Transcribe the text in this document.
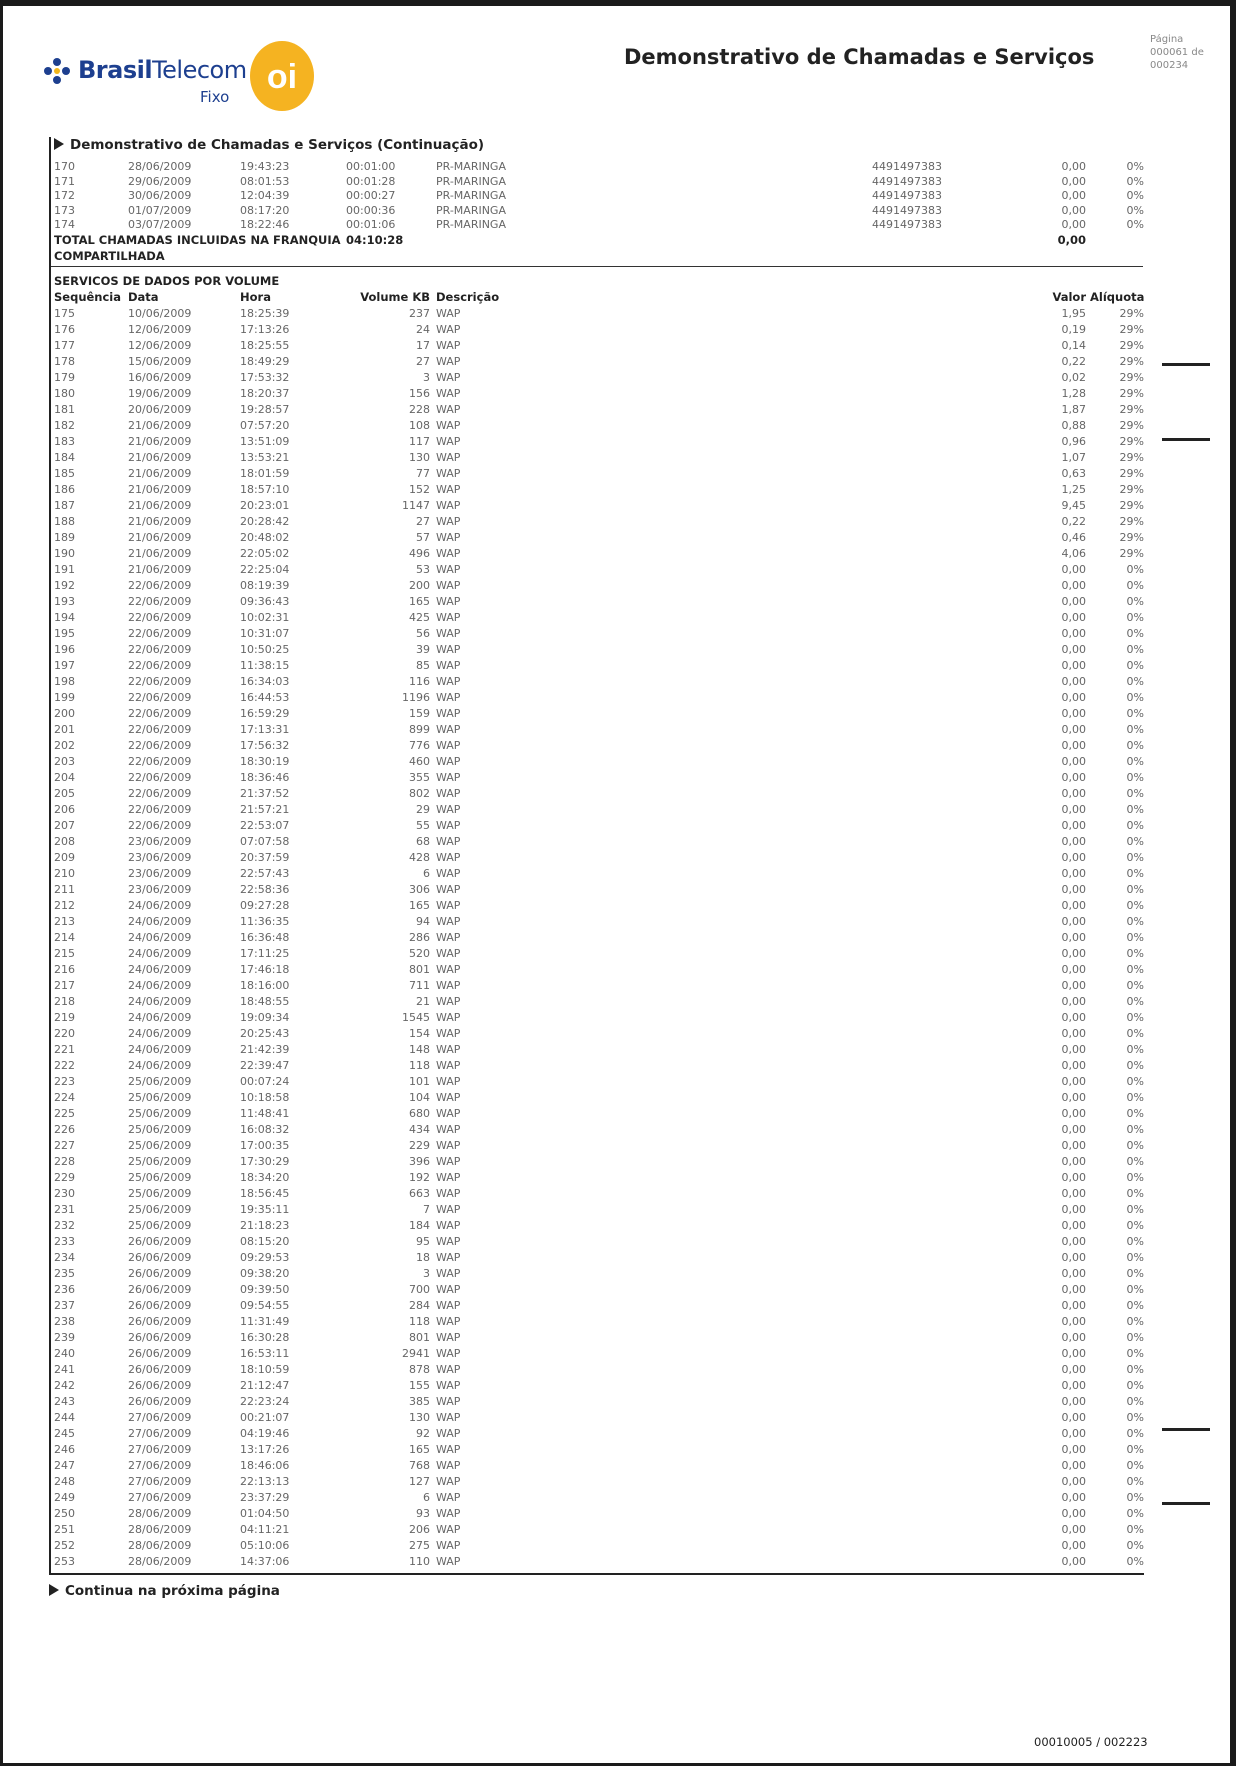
BrasilTelecom
Fixo
oi
Demonstrativo de Chamadas e Serviços
Página 000061 de 000234
Demonstrativo de Chamadas e Serviços (Continuação)
170	28/06/2009	19:43:23	00:01:00	PR-MARINGA	4491497383	0,00	0%
171	29/06/2009	08:01:53	00:01:28	PR-MARINGA	4491497383	0,00	0%
172	30/06/2009	12:04:39	00:00:27	PR-MARINGA	4491497383	0,00	0%
173	01/07/2009	08:17:20	00:00:36	PR-MARINGA	4491497383	0,00	0%
174	03/07/2009	18:22:46	00:01:06	PR-MARINGA	4491497383	0,00	0%
TOTAL CHAMADAS INCLUIDAS NA FRANQUIA
COMPARTILHADA
04:10:28	0,00
SERVICOS DE DADOS POR VOLUME
Sequência Data	Hora	Volume KB Descrição	Valor Alíquota
175	10/06/2009	18:25:39	237 WAP	1,95	29%
176	12/06/2009	17:13:26	24 WAP	0,19	29%
177	12/06/2009	18:25:55	17 WAP	0,14	29%
178	15/06/2009	18:49:29	27 WAP	0,22	29%
179	16/06/2009	17:53:32	3 WAP	0,02	29%
180	19/06/2009	18:20:37	156 WAP	1,28	29%
181	20/06/2009	19:28:57	228 WAP	1,87	29%
182	21/06/2009	07:57:20	108 WAP	0,88	29%
183	21/06/2009	13:51:09	117 WAP	0,96	29%
184	21/06/2009	13:53:21	130 WAP	1,07	29%
185	21/06/2009	18:01:59	77 WAP	0,63	29%
186	21/06/2009	18:57:10	152 WAP	1,25	29%
187	21/06/2009	20:23:01	1147 WAP	9,45	29%
188	21/06/2009	20:28:42	27 WAP	0,22	29%
189	21/06/2009	20:48:02	57 WAP	0,46	29%
190	21/06/2009	22:05:02	496 WAP	4,06	29%
191	21/06/2009	22:25:04	53 WAP	0,00	0%
192	22/06/2009	08:19:39	200 WAP	0,00	0%
193	22/06/2009	09:36:43	165 WAP	0,00	0%
194	22/06/2009	10:02:31	425 WAP	0,00	0%
195	22/06/2009	10:31:07	56 WAP	0,00	0%
196	22/06/2009	10:50:25	39 WAP	0,00	0%
197	22/06/2009	11:38:15	85 WAP	0,00	0%
198	22/06/2009	16:34:03	116 WAP	0,00	0%
199	22/06/2009	16:44:53	1196 WAP	0,00	0%
200	22/06/2009	16:59:29	159 WAP	0,00	0%
201	22/06/2009	17:13:31	899 WAP	0,00	0%
202	22/06/2009	17:56:32	776 WAP	0,00	0%
203	22/06/2009	18:30:19	460 WAP	0,00	0%
204	22/06/2009	18:36:46	355 WAP	0,00	0%
205	22/06/2009	21:37:52	802 WAP	0,00	0%
206	22/06/2009	21:57:21	29 WAP	0,00	0%
207	22/06/2009	22:53:07	55 WAP	0,00	0%
208	23/06/2009	07:07:58	68 WAP	0,00	0%
209	23/06/2009	20:37:59	428 WAP	0,00	0%
210	23/06/2009	22:57:43	6 WAP	0,00	0%
211	23/06/2009	22:58:36	306 WAP	0,00	0%
212	24/06/2009	09:27:28	165 WAP	0,00	0%
213	24/06/2009	11:36:35	94 WAP	0,00	0%
214	24/06/2009	16:36:48	286 WAP	0,00	0%
215	24/06/2009	17:11:25	520 WAP	0,00	0%
216	24/06/2009	17:46:18	801 WAP	0,00	0%
217	24/06/2009	18:16:00	711 WAP	0,00	0%
218	24/06/2009	18:48:55	21 WAP	0,00	0%
219	24/06/2009	19:09:34	1545 WAP	0,00	0%
220	24/06/2009	20:25:43	154 WAP	0,00	0%
221	24/06/2009	21:42:39	148 WAP	0,00	0%
222	24/06/2009	22:39:47	118 WAP	0,00	0%
223	25/06/2009	00:07:24	101 WAP	0,00	0%
224	25/06/2009	10:18:58	104 WAP	0,00	0%
225	25/06/2009	11:48:41	680 WAP	0,00	0%
226	25/06/2009	16:08:32	434 WAP	0,00	0%
227	25/06/2009	17:00:35	229 WAP	0,00	0%
228	25/06/2009	17:30:29	396 WAP	0,00	0%
229	25/06/2009	18:34:20	192 WAP	0,00	0%
230	25/06/2009	18:56:45	663 WAP	0,00	0%
231	25/06/2009	19:35:11	7 WAP	0,00	0%
232	25/06/2009	21:18:23	184 WAP	0,00	0%
233	26/06/2009	08:15:20	95 WAP	0,00	0%
234	26/06/2009	09:29:53	18 WAP	0,00	0%
235	26/06/2009	09:38:20	3 WAP	0,00	0%
236	26/06/2009	09:39:50	700 WAP	0,00	0%
237	26/06/2009	09:54:55	284 WAP	0,00	0%
238	26/06/2009	11:31:49	118 WAP	0,00	0%
239	26/06/2009	16:30:28	801 WAP	0,00	0%
240	26/06/2009	16:53:11	2941 WAP	0,00	0%
241	26/06/2009	18:10:59	878 WAP	0,00	0%
242	26/06/2009	21:12:47	155 WAP	0,00	0%
243	26/06/2009	22:23:24	385 WAP	0,00	0%
244	27/06/2009	00:21:07	130 WAP	0,00	0%
245	27/06/2009	04:19:46	92 WAP	0,00	0%
246	27/06/2009	13:17:26	165 WAP	0,00	0%
247	27/06/2009	18:46:06	768 WAP	0,00	0%
248	27/06/2009	22:13:13	127 WAP	0,00	0%
249	27/06/2009	23:37:29	6 WAP	0,00	0%
250	28/06/2009	01:04:50	93 WAP	0,00	0%
251	28/06/2009	04:11:21	206 WAP	0,00	0%
252	28/06/2009	05:10:06	275 WAP	0,00	0%
253	28/06/2009	14:37:06	110 WAP	0,00	0%
Continua na próxima página
00010005 / 002223
